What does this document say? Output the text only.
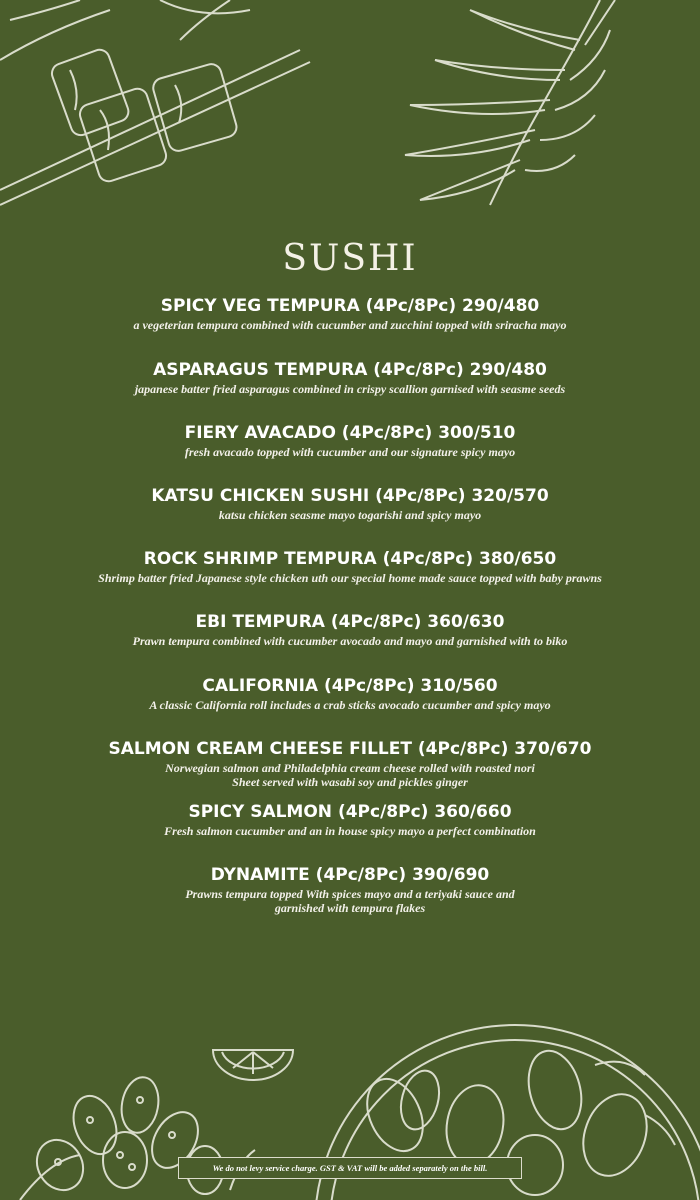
SUSHI
SPICY VEG TEMPURA (4Pc/8Pc) 290/480
a vegeterian tempura combined with cucumber and zucchini topped with sriracha mayo
ASPARAGUS TEMPURA (4Pc/8Pc) 290/480
japanese batter fried asparagus combined in crispy scallion garnised with seasme seeds
FIERY AVACADO (4Pc/8Pc) 300/510
fresh avacado topped with cucumber and our signature spicy mayo
KATSU CHICKEN SUSHI (4Pc/8Pc) 320/570
katsu chicken seasme mayo togarishi and spicy mayo
ROCK SHRIMP TEMPURA (4Pc/8Pc) 380/650
Shrimp batter fried Japanese style chicken uth our special home made sauce topped with baby prawns
EBI TEMPURA (4Pc/8Pc) 360/630
Prawn tempura combined with cucumber avocado and mayo and garnished with to biko
CALIFORNIA (4Pc/8Pc) 310/560
A classic California roll includes a crab sticks avocado cucumber and spicy mayo
SALMON CREAM CHEESE FILLET (4Pc/8Pc) 370/670
Norwegian salmon and Philadelphia cream cheese rolled with roasted nori Sheet served with wasabi soy and pickles ginger
SPICY SALMON (4Pc/8Pc) 360/660
Fresh salmon cucumber and an in house spicy mayo a perfect combination
DYNAMITE (4Pc/8Pc) 390/690
Prawns tempura topped With spices mayo and a teriyaki sauce and garnished with tempura flakes
We do not levy service charge. GST & VAT will be added separately on the bill.
